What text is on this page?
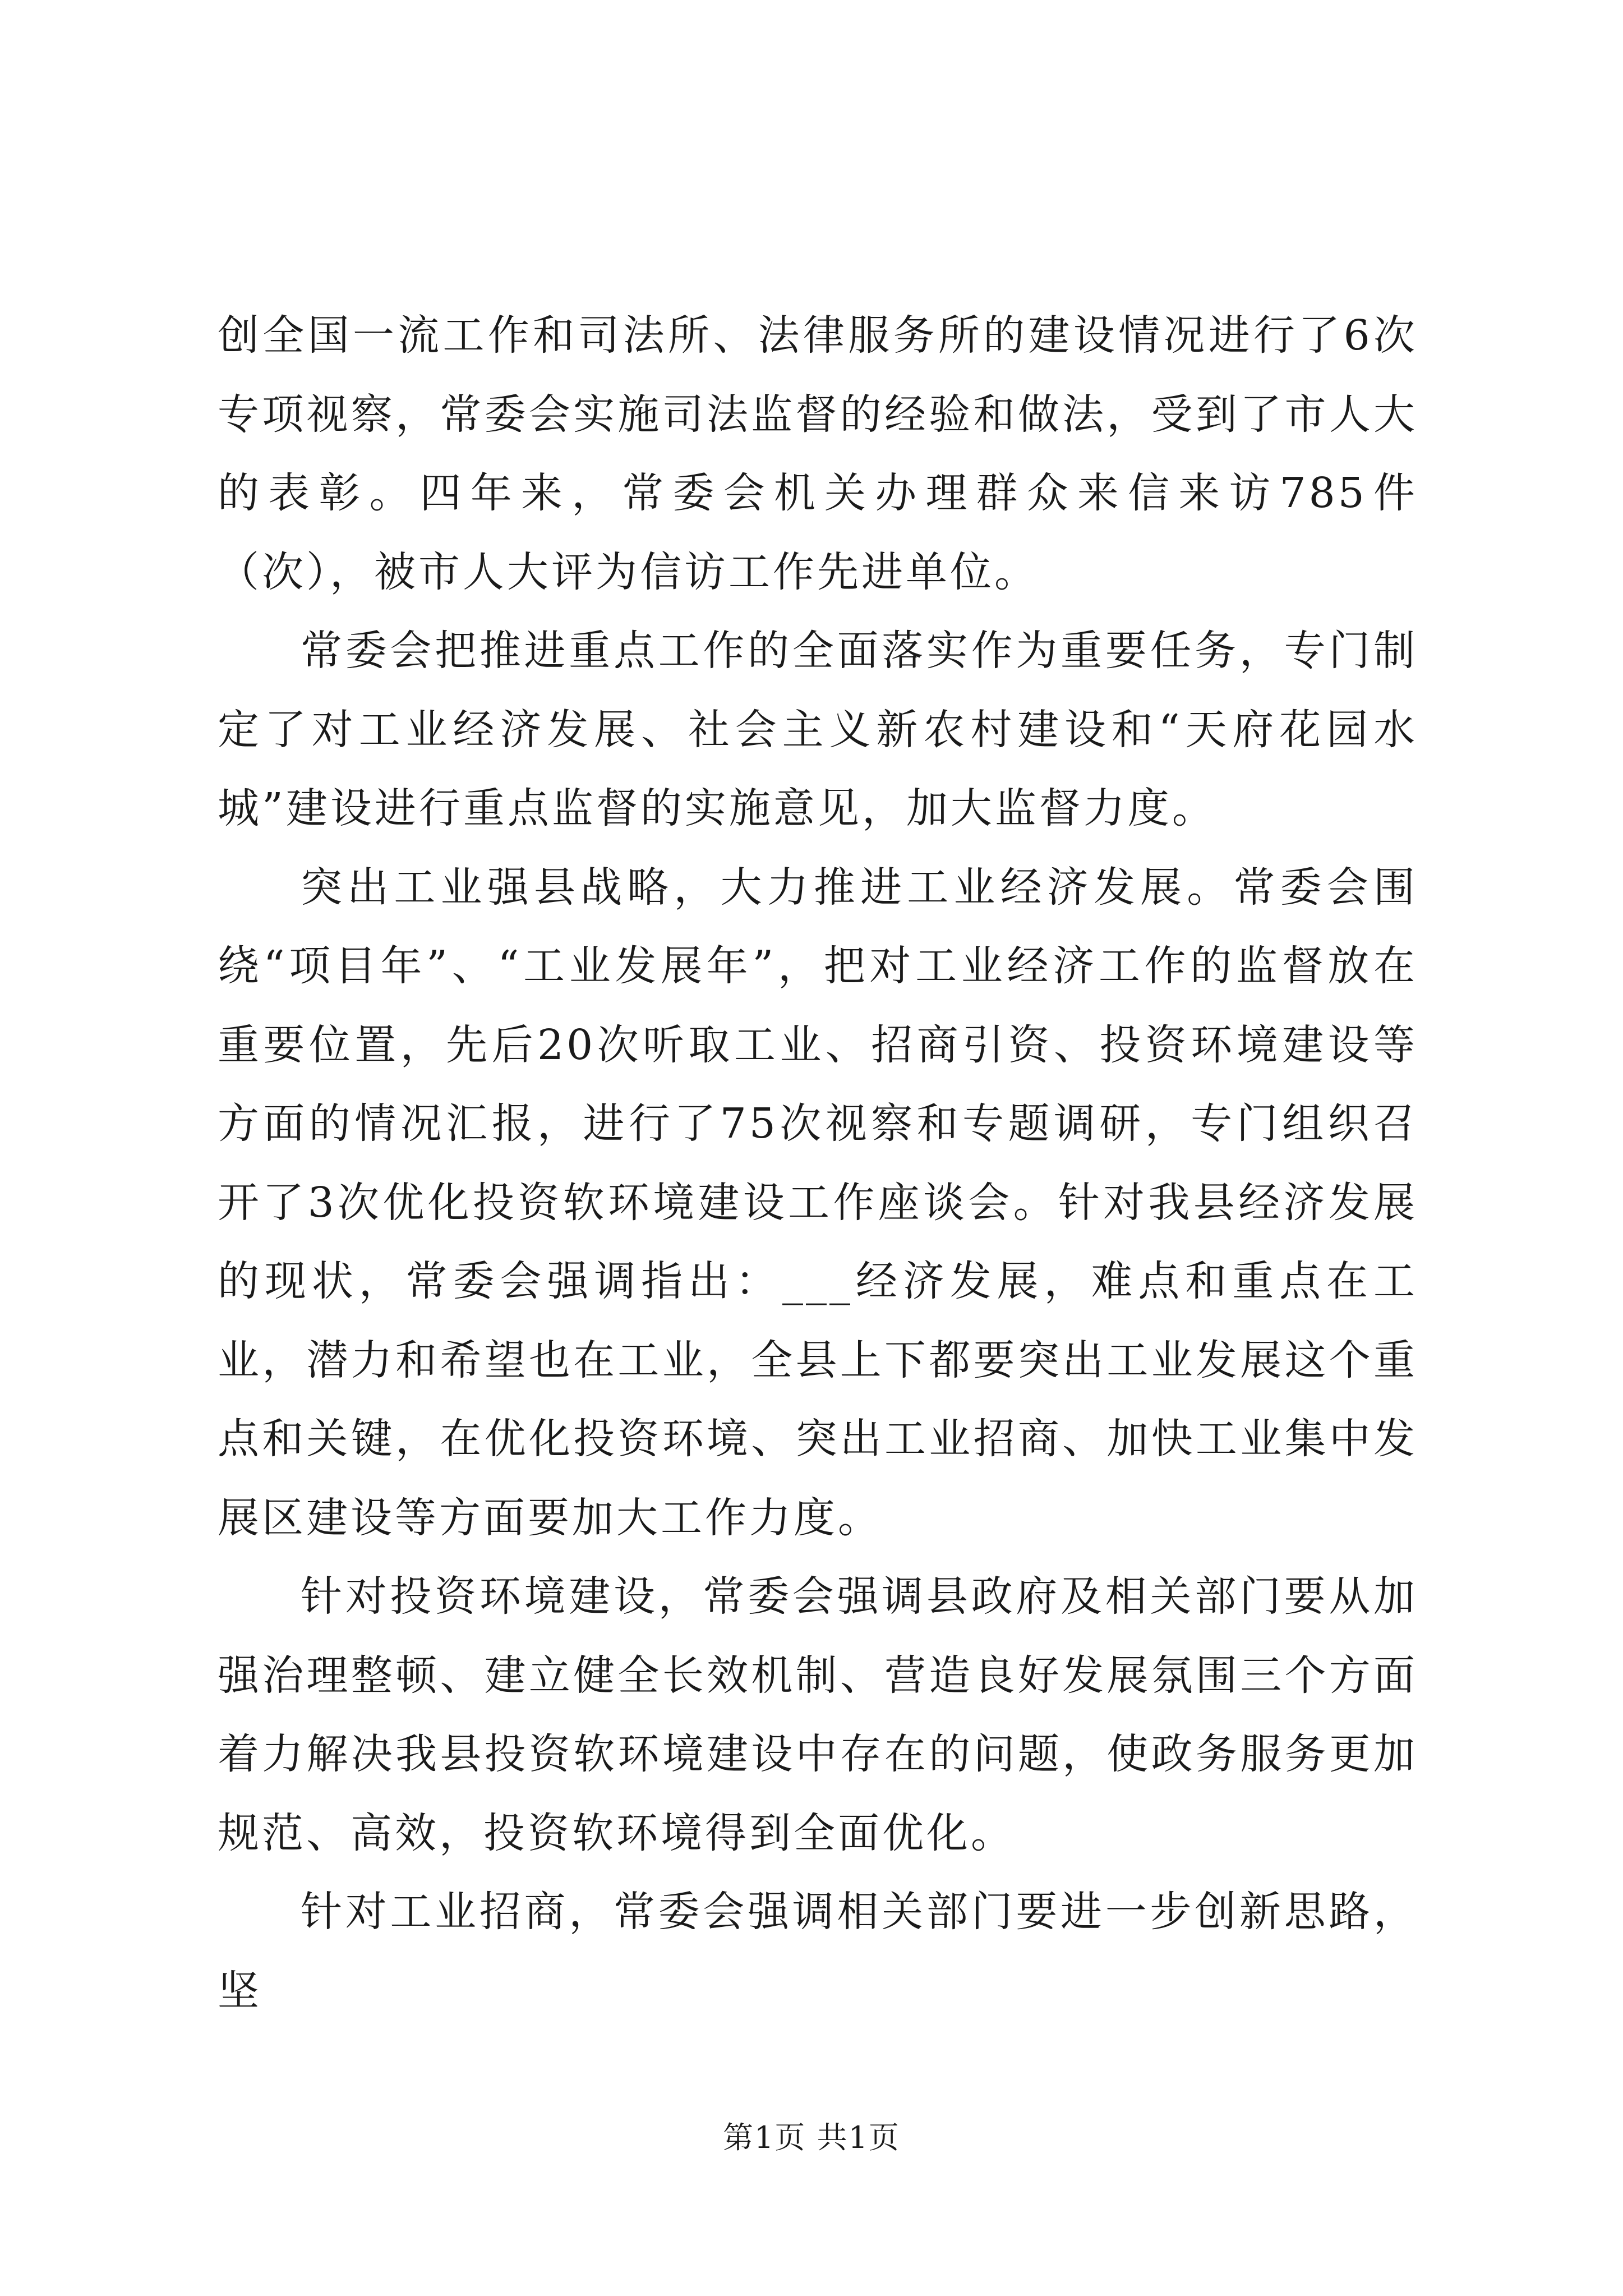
创全国一流工作和司法所、法律服务所的建设情况进行了6次专项视察，常委会实施司法监督的经验和做法，受到了市人大的表彰。四年来，常委会机关办理群众来信来访785件（次），被市人大评为信访工作先进单位。

常委会把推进重点工作的全面落实作为重要任务，专门制定了对工业经济发展、社会主义新农村建设和“天府花园水城”建设进行重点监督的实施意见，加大监督力度。

突出工业强县战略，大力推进工业经济发展。常委会围绕“项目年”、“工业发展年”，把对工业经济工作的监督放在重要位置，先后20次听取工业、招商引资、投资环境建设等方面的情况汇报，进行了75次视察和专题调研，专门组织召开了3次优化投资软环境建设工作座谈会。针对我县经济发展的现状，常委会强调指出：___经济发展，难点和重点在工业，潜力和希望也在工业，全县上下都要突出工业发展这个重点和关键，在优化投资环境、突出工业招商、加快工业集中发展区建设等方面要加大工作力度。

针对投资环境建设，常委会强调县政府及相关部门要从加强治理整顿、建立健全长效机制、营造良好发展氛围三个方面着力解决我县投资软环境建设中存在的问题，使政务服务更加规范、高效，投资软环境得到全面优化。

针对工业招商，常委会强调相关部门要进一步创新思路，坚

第1页 共1页
